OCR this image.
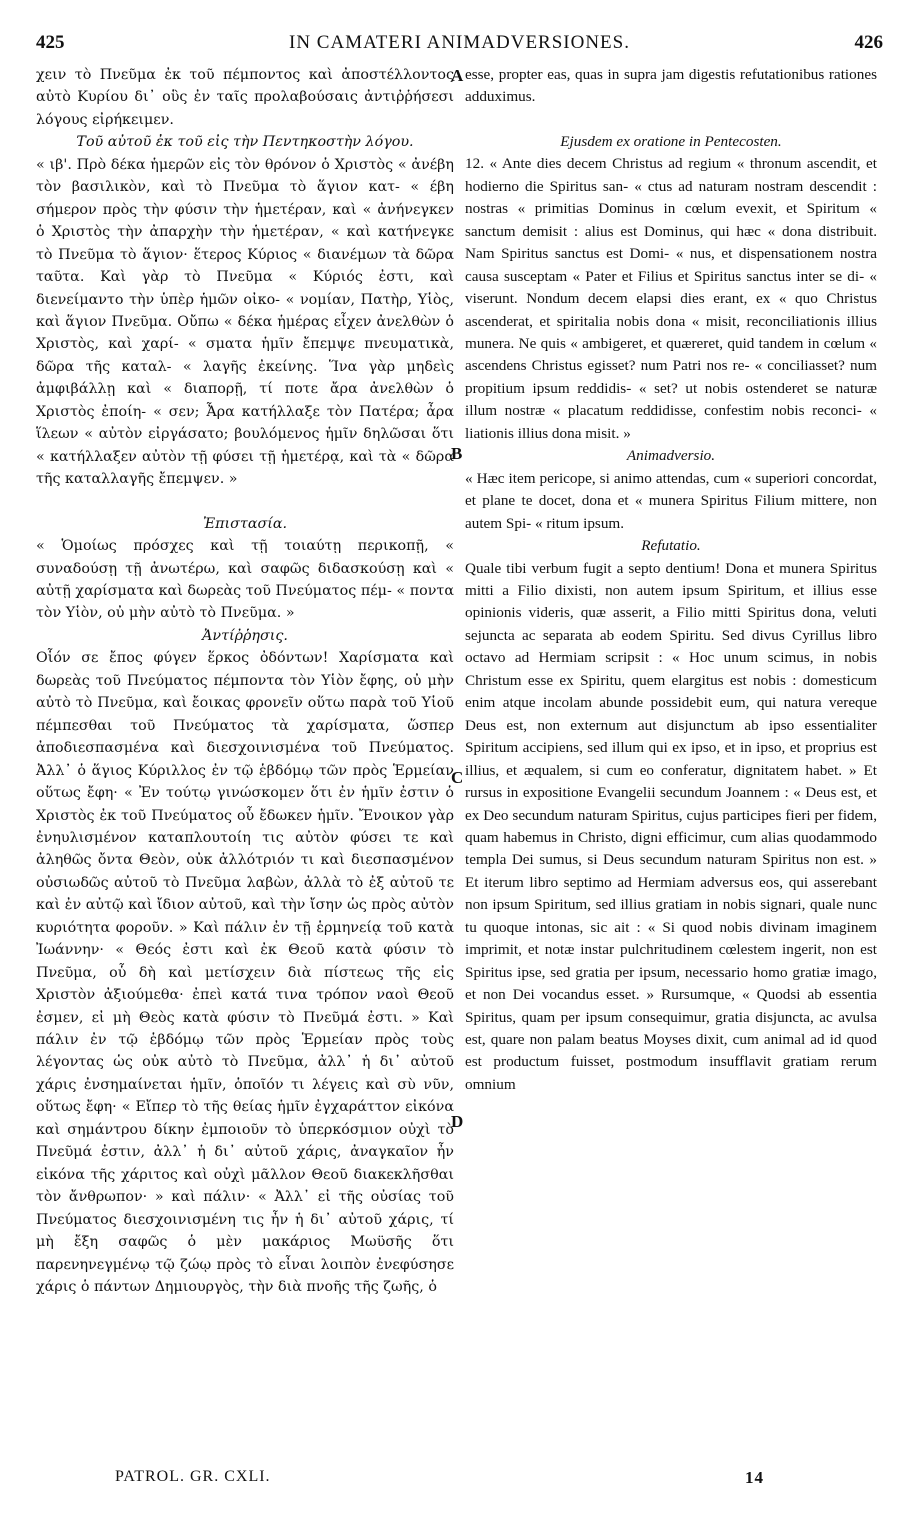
425	IN CAMATERI ANIMADVERSIONES.	426
A
B
C
D

χειν τὸ Πνεῦμα ἐκ τοῦ πέμποντος καὶ ἀποστέλλοντος αὐτὸ Κυρίου δι᾽ οὓς ἐν ταῖς προλαβούσαις ἀντιῤῥήσεσι λόγους εἰρήκειμεν.

Τοῦ αὐτοῦ ἐκ τοῦ εἰς τὴν Πεντηκοστὴν λόγου.

« ιβ'. Πρὸ δέκα ἡμερῶν εἰς τὸν θρόνον ὁ Χριστὸς « ἀνέβη τὸν βασιλικὸν, καὶ τὸ Πνεῦμα τὸ ἅγιον κατ- « έβη σήμερον πρὸς τὴν φύσιν τὴν ἡμετέραν, καὶ « ἀνήνεγκεν ὁ Χριστὸς τὴν ἀπαρχὴν τὴν ἡμετέραν, « καὶ κατήνεγκε τὸ Πνεῦμα τὸ ἅγιον· ἕτερος Κύριος « διανέμων τὰ δῶρα ταῦτα. Καὶ γὰρ τὸ Πνεῦμα « Κύριός ἐστι, καὶ διενείμαντο τὴν ὑπὲρ ἡμῶν οἰκο- « νομίαν, Πατὴρ, Υἱὸς, καὶ ἅγιον Πνεῦμα. Οὔπω « δέκα ἡμέρας εἶχεν ἀνελθὼν ὁ Χριστὸς, καὶ χαρί- « σματα ἡμῖν ἔπεμψε πνευματικὰ, δῶρα τῆς καταλ- « λαγῆς ἐκείνης. Ἵνα γὰρ μηδεὶς ἀμφιβάλλῃ καὶ « διαπορῇ, τί ποτε ἄρα ἀνελθὼν ὁ Χριστὸς ἐποίη- « σεν; Ἆρα κατήλλαξε τὸν Πατέρα; ἆρα ἵλεων « αὐτὸν εἰργάσατο; βουλόμενος ἡμῖν δηλῶσαι ὅτι « κατήλλαξεν αὐτὸν τῇ φύσει τῇ ἡμετέρᾳ, καὶ τὰ « δῶρα τῆς καταλλαγῆς ἔπεμψεν. »

Ἐπιστασία.

« Ὁμοίως πρόσχες καὶ τῇ τοιαύτῃ περικοπῇ, « συναδούσῃ τῇ ἀνωτέρω, καὶ σαφῶς διδασκούσῃ καὶ « αὐτῇ χαρίσματα καὶ δωρεὰς τοῦ Πνεύματος πέμ- « ποντα τὸν Υἱὸν, οὐ μὴν αὐτὸ τὸ Πνεῦμα. »

Ἀντίῤῥησις.

Οἷόν σε ἔπος φύγεν ἕρκος ὀδόντων! Χαρίσματα καὶ δωρεὰς τοῦ Πνεύματος πέμποντα τὸν Υἱὸν ἔφης, οὐ μὴν αὐτὸ τὸ Πνεῦμα, καὶ ἔοικας φρονεῖν οὕτω παρὰ τοῦ Υἱοῦ πέμπεσθαι τοῦ Πνεύματος τὰ χαρίσματα, ὥσπερ ἀποδιεσπασμένα καὶ διεσχοινισμένα τοῦ Πνεύματος. Ἀλλ᾽ ὁ ἅγιος Κύριλλος ἐν τῷ ἑβδόμῳ τῶν πρὸς Ἑρμείαν οὕτως ἔφη· « Ἐν τούτῳ γινώσκομεν ὅτι ἐν ἡμῖν ἐστιν ὁ Χριστὸς ἐκ τοῦ Πνεύματος οὗ ἔδωκεν ἡμῖν. Ἔνοικον γὰρ ἐνηυλισμένον καταπλουτοίη τις αὐτὸν φύσει τε καὶ ἀληθῶς ὄντα Θεὸν, οὐκ ἀλλότριόν τι καὶ διεσπασμένον οὐσιωδῶς αὐτοῦ τὸ Πνεῦμα λαβὼν, ἀλλὰ τὸ ἐξ αὐτοῦ τε καὶ ἐν αὐτῷ καὶ ἴδιον αὐτοῦ, καὶ τὴν ἴσην ὡς πρὸς αὐτὸν κυριότητα φοροῦν. » Καὶ πάλιν ἐν τῇ ἑρμηνείᾳ τοῦ κατὰ Ἰωάννην· « Θεός ἐστι καὶ ἐκ Θεοῦ κατὰ φύσιν τὸ Πνεῦμα, οὗ δὴ καὶ μετίσχειν διὰ πίστεως τῆς εἰς Χριστὸν ἀξιούμεθα· ἐπεὶ κατά τινα τρόπον ναοὶ Θεοῦ ἐσμεν, εἰ μὴ Θεὸς κατὰ φύσιν τὸ Πνεῦμά ἐστι. » Καὶ πάλιν ἐν τῷ ἑβδόμῳ τῶν πρὸς Ἑρμείαν πρὸς τοὺς λέγοντας ὡς οὐκ αὐτὸ τὸ Πνεῦμα, ἀλλ᾽ ἡ δι᾽ αὐτοῦ χάρις ἐνσημαίνεται ἡμῖν, ὁποῖόν τι λέγεις καὶ σὺ νῦν, οὕτως ἔφη· « Εἴπερ τὸ τῆς θείας ἡμῖν ἐγχαράττον εἰκόνα καὶ σημάντρου δίκην ἐμποιοῦν τὸ ὑπερκόσμιον οὐχὶ τὸ Πνεῦμά ἐστιν, ἀλλ᾽ ἡ δι᾽ αὐτοῦ χάρις, ἀναγκαῖον ἦν εἰκόνα τῆς χάριτος καὶ οὐχὶ μᾶλλον Θεοῦ διακεκλῆσθαι τὸν ἄνθρωπον· » καὶ πάλιν· « Ἀλλ᾽ εἰ τῆς οὐσίας τοῦ Πνεύματος διεσχοινισμένη τις ἦν ἡ δι᾽ αὐτοῦ χάρις, τί μὴ ἔξη σαφῶς ὁ μὲν μακάριος Μωϋσῆς ὅτι παρενηνεγμένῳ τῷ ζώῳ πρὸς τὸ εἶναι λοιπὸν ἐνεφύσησε χάρις ὁ πάντων Δημιουργὸς, τὴν διὰ πνοῆς τῆς ζωῆς, ὁ

esse, propter eas, quas in supra jam digestis refutationibus rationes adduximus.

Ejusdem ex oratione in Pentecosten.

12. « Ante dies decem Christus ad regium « thronum ascendit, et hodierno die Spiritus san- « ctus ad naturam nostram descendit : nostras « primitias Dominus in cœlum evexit, et Spiritum « sanctum demisit : alius est Dominus, qui hæc « dona distribuit. Nam Spiritus sanctus est Domi- « nus, et dispensationem nostra causa susceptam « Pater et Filius et Spiritus sanctus inter se di- « viserunt. Nondum decem elapsi dies erant, ex « quo Christus ascenderat, et spiritalia nobis dona « misit, reconciliationis illius munera. Ne quis « ambigeret, et quæreret, quid tandem in cœlum « ascendens Christus egisset? num Patri nos re- « conciliasset? num propitium ipsum reddidis- « set? ut nobis ostenderet se naturæ illum nostræ « placatum reddidisse, confestim nobis reconci- « liationis illius dona misit. »

Animadversio.

« Hæc item pericope, si animo attendas, cum « superiori concordat, et plane te docet, dona et « munera Spiritus Filium mittere, non autem Spi- « ritum ipsum.

Refutatio.

Quale tibi verbum fugit a septo dentium! Dona et munera Spiritus mitti a Filio dixisti, non autem ipsum Spiritum, et illius esse opinionis videris, quæ asserit, a Filio mitti Spiritus dona, veluti sejuncta ac separata ab eodem Spiritu. Sed divus Cyrillus libro octavo ad Hermiam scripsit : « Hoc unum scimus, in nobis Christum esse ex Spiritu, quem elargitus est nobis : domesticum enim atque incolam abunde possidebit eum, qui natura vereque Deus est, non externum aut disjunctum ab ipso essentialiter Spiritum accipiens, sed illum qui ex ipso, et in ipso, et proprius est illius, et æqualem, si cum eo conferatur, dignitatem habet. » Et rursus in expositione Evangelii secundum Joannem : « Deus est, et ex Deo secundum naturam Spiritus, cujus participes fieri per fidem, quam habemus in Christo, digni efficimur, cum alias quodammodo templa Dei sumus, si Deus secundum naturam Spiritus non est. » Et iterum libro septimo ad Hermiam adversus eos, qui asserebant non ipsum Spiritum, sed illius gratiam in nobis signari, quale nunc tu quoque intonas, sic ait : « Si quod nobis divinam imaginem imprimit, et notæ instar pulchritudinem cœlestem ingerit, non est Spiritus ipse, sed gratia per ipsum, necessario homo gratiæ imago, et non Dei vocandus esset. » Rursumque, « Quodsi ab essentia Spiritus, quam per ipsum consequimur, gratia disjuncta, ac avulsa est, quare non palam beatus Moyses dixit, cum animal ad id quod est productum fuisset, postmodum insufflavit gratiam rerum omnium

PATROL. GR. CXLI.	14
